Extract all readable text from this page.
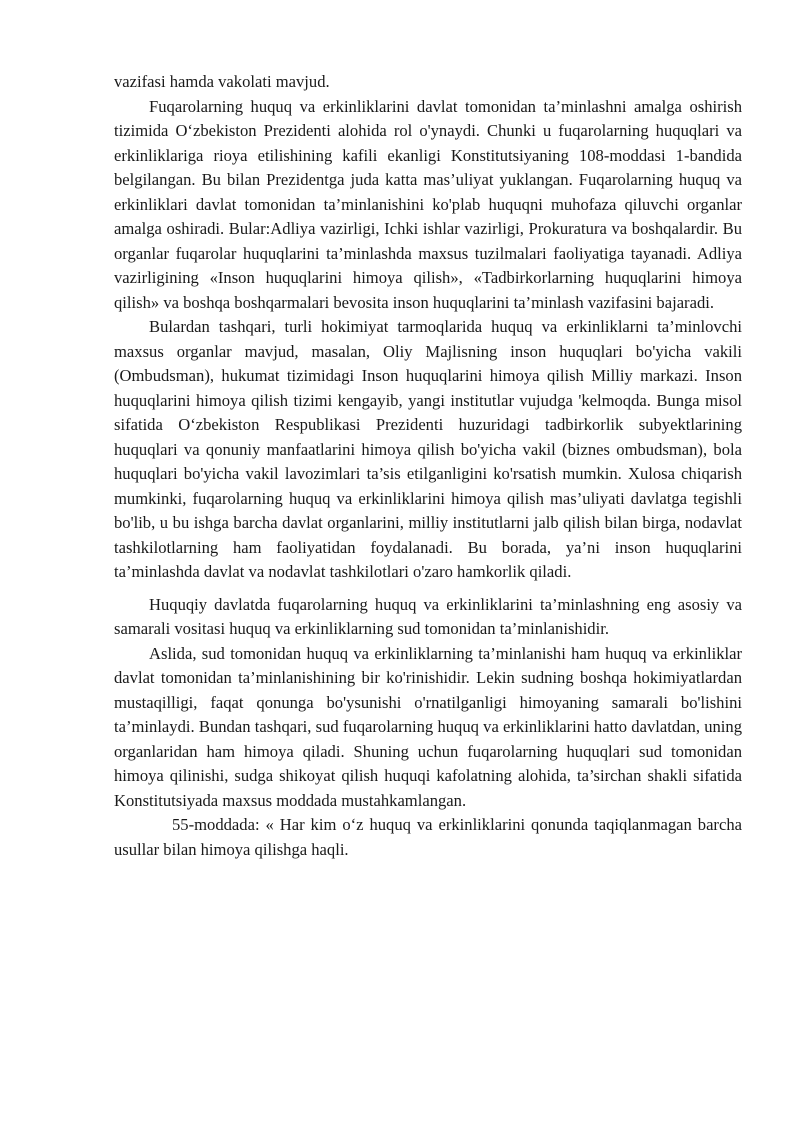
vazifasi hamda vakolati mavjud.

Fuqarolarning huquq va erkinliklarini davlat tomonidan ta’minlashni amalga oshirish tizimida O‘zbekiston Prezidenti alohida rol o'ynaydi. Chunki u fuqarolarning huquqlari va erkinliklariga rioya etilishining kafili ekanligi Konstitutsiyaning 108-moddasi 1-bandida belgilangan. Bu bilan Prezidentga juda katta mas’uliyat yuklangan. Fuqarolarning huquq va erkinliklari davlat tomonidan ta’minlanishini ko'plab huquqni muhofaza qiluvchi organlar amalga oshiradi. Bular:Adliya vazirligi, Ichki ishlar vazirligi, Prokuratura va boshqalardir. Bu organlar fuqarolar huquqlarini ta’minlashda maxsus tuzilmalari faoliyatiga tayanadi. Adliya vazirligining «Inson huquqlarini himoya qilish», «Tadbirkorlarning huquqlarini himoya qilish» va boshqa boshqarmalari bevosita inson huquqlarini ta’minlash vazifasini bajaradi.

Bulardan tashqari, turli hokimiyat tarmoqlarida huquq va erkinliklarni ta’minlovchi maxsus organlar mavjud, masalan, Oliy Majlisning inson huquqlari bo'yicha vakili (Ombudsman), hukumat tizimidagi Inson huquqlarini himoya qilish Milliy markazi. Inson huquqlarini himoya qilish tizimi kengayib, yangi institutlar vujudga 'kelmoqda. Bunga misol sifatida O‘zbekiston Respublikasi Prezidenti huzuridagi tadbirkorlik subyektlarining huquqlari va qonuniy manfaatlarini himoya qilish bo'yicha vakil (biznes ombudsman), bola huquqlari bo'yicha vakil lavozimlari ta’sis etilganligini ko'rsatish mumkin. Xulosa chiqarish mumkinki, fuqarolarning huquq va erkinliklarini himoya qilish mas’uliyati davlatga tegishli bo'lib, u bu ishga barcha davlat organlarini, milliy institutlarni jalb qilish bilan birga, nodavlat tashkilotlarning ham faoliyatidan foydalanadi. Bu borada, ya’ni inson huquqlarini ta’minlashda davlat va nodavlat tashkilotlari o'zaro hamkorlik qiladi.

Huquqiy davlatda fuqarolarning huquq va erkinliklarini ta’minlashning eng asosiy va samarali vositasi huquq va erkinliklarning sud tomonidan ta’minlanishidir.

Aslida, sud tomonidan huquq va erkinliklarning ta’minlanishi ham huquq va erkinliklar davlat tomonidan ta’minlanishining bir ko'rinishidir. Lekin sudning boshqa hokimiyatlardan mustaqilligi, faqat qonunga bo'ysunishi o'rnatilganligi himoyaning samarali bo'lishini ta’minlaydi. Bundan tashqari, sud fuqarolarning huquq va erkinliklarini hatto davlatdan, uning organlaridan ham himoya qiladi. Shuning uchun fuqarolarning huquqlari sud tomonidan himoya qilinishi, sudga shikoyat qilish huquqi kafolatning alohida, ta’sirchan shakli sifatida Konstitutsiyada maxsus moddada mustahkamlangan.

55-moddada: « Har kim o‘z huquq va erkinliklarini qonunda taqiqlanmagan barcha usullar bilan himoya qilishga haqli.
